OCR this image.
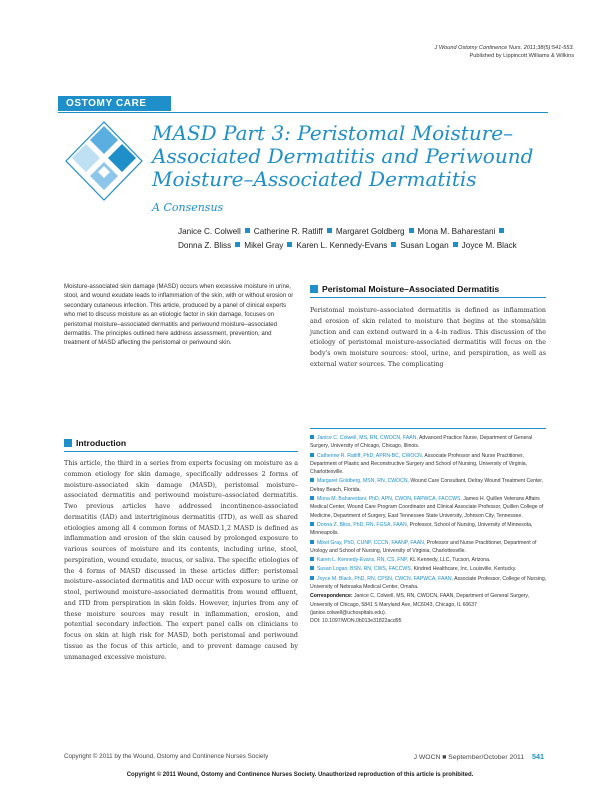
J Wound Ostomy Continence Nurs. 2011;38(5):541-553.
Published by Lippincott Williams & Wilkins
OSTOMY CARE
MASD Part 3: Peristomal Moisture–Associated Dermatitis and Periwound Moisture–Associated Dermatitis
A Consensus
Janice C. Colwell Catherine R. Ratliff Margaret Goldberg Mona M. Baharestani
Donna Z. Bliss Mikel Gray Karen L. Kennedy-Evans Susan Logan Joyce M. Black

Moisture-associated skin damage (MASD) occurs when excessive moisture in urine, stool, and wound exudate leads to inflammation of the skin, with or without erosion or secondary cutaneous infection. This article, produced by a panel of clinical experts who met to discuss moisture as an etiologic factor in skin damage, focuses on peristomal moisture–associated dermatitis and periwound moisture–associated dermatitis. The principles outlined here address assessment, prevention, and treatment of MASD affecting the peristomal or periwound skin.

Introduction

This article, the third in a series from experts focusing on moisture as a common etiology for skin damage, specifically addresses 2 forms of moisture-associated skin damage (MASD), peristomal moisture–associated dermatitis and periwound moisture–associated dermatitis. Two previous articles have addressed incontinence-associated dermatitis (IAD) and intertriginous dermatitis (ITD), as well as shared etiologies among all 4 common forms of MASD.1,2 MASD is defined as inflammation and erosion of the skin caused by prolonged exposure to various sources of moisture and its contents, including urine, stool, perspiration, wound exudate, mucus, or saliva. The specific etiologies of the 4 forms of MASD discussed in these articles differ: peristomal moisture–associated dermatitis and IAD occur with exposure to urine or stool, periwound moisture–associated dermatitis from wound effluent, and ITD from perspiration in skin folds. However, injuries from any of these moisture sources may result in inflammation, erosion, and potential secondary infection. The expert panel calls on clinicians to focus on skin at high risk for MASD, both peristomal and periwound tissue as the focus of this article, and to prevent damage caused by unmanaged excessive moisture.

Peristomal Moisture–Associated Dermatitis

Peristomal moisture–associated dermatitis is defined as inflammation and erosion of skin related to moisture that begins at the stoma/skin junction and can extend outward in a 4-in radius. This discussion of the etiology of peristomal moisture-associated dermatitis will focus on the body's own moisture sources: stool, urine, and perspiration, as well as external water sources. The complicating

Janice C. Colwell, MS, RN, CWOCN, FAAN, Advanced Practice Nurse, Department of General Surgery, University of Chicago, Chicago, Illinois.

Catherine R. Ratliff, PhD, APRN-BC, CWOCN, Associate Professor and Nurse Practitioner, Department of Plastic and Reconstructive Surgery and School of Nursing, University of Virginia, Charlottesville.

Margaret Goldberg, MSN, RN, CWOCN, Wound Care Consultant, Delray Wound Treatment Center, Delray Beach, Florida.

Mona M. Baharestani, PhD, APN, CWON, FAPWCA, FACCWS, James H. Quillen Veterans Affairs Medical Center, Wound Care Program Coordinator and Clinical Associate Professor, Quillen College of Medicine, Department of Surgery, East Tennessee State University, Johnson City, Tennessee.

Donna Z. Bliss, PhD, RN, FGSA, FAAN, Professor, School of Nursing, University of Minnesota, Minneapolis.

Mikel Gray, PhD, CUNP, CCCN, FAANP, FAAN, Professor and Nurse Practitioner, Department of Urology and School of Nursing, University of Virginia, Charlottesville.

Karen L. Kennedy-Evans, RN, CS, FNP, KL Kennedy, LLC, Tucson, Arizona.

Susan Logan, BSN, RN, CWS, FACCWS, Kindred Healthcare, Inc, Louisville, Kentucky.

Joyce M. Black, PhD, RN, CPSN, CWCN, FAPWCA, FAAN, Associate Professor, College of Nursing, University of Nebraska Medical Center, Omaha.

Correspondence: Janice C. Colwell, MS, RN, CWOCN, FAAN, Department of General Surgery, University of Chicago, 5841 S Maryland Ave, MC6043, Chicago, IL 60637 (janice.colwell@uchospitals.edu).

DOI: 10.1097/WON.0b013e31822acd95

Copyright © 2011 by the Wound, Ostomy and Continence Nurses Society	J WOCN ■ September/October 2011 541
Copyright © 2011 Wound, Ostomy and Continence Nurses Society. Unauthorized reproduction of this article is prohibited.
